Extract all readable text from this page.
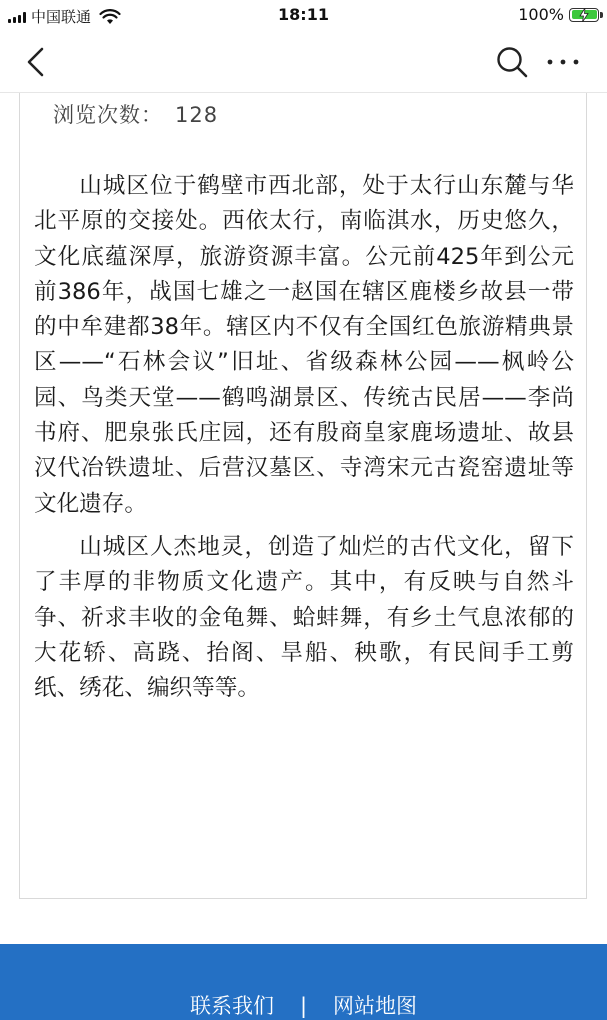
中国联通	18:11	100%
浏览次数： 128

山城区位于鹤壁市西北部，处于太行山东麓与华北平原的交接处。西依太行，南临淇水，历史悠久，文化底蕴深厚，旅游资源丰富。公元前425年到公元前386年，战国七雄之一赵国在辖区鹿楼乡故县一带的中牟建都38年。辖区内不仅有全国红色旅游精典景区——“石林会议”旧址、省级森林公园——枫岭公园、鸟类天堂——鹤鸣湖景区、传统古民居——李尚书府、肥泉张氏庄园，还有殷商皇家鹿场遗址、故县汉代冶铁遗址、后营汉墓区、寺湾宋元古瓷窑遗址等文化遗存。

山城区人杰地灵，创造了灿烂的古代文化，留下了丰厚的非物质文化遗产。其中，有反映与自然斗争、祈求丰收的金龟舞、蛤蚌舞，有乡土气息浓郁的大花轿、高跷、抬阁、旱船、秧歌，有民间手工剪纸、绣花、编织等等。

联系我们 | 网站地图
